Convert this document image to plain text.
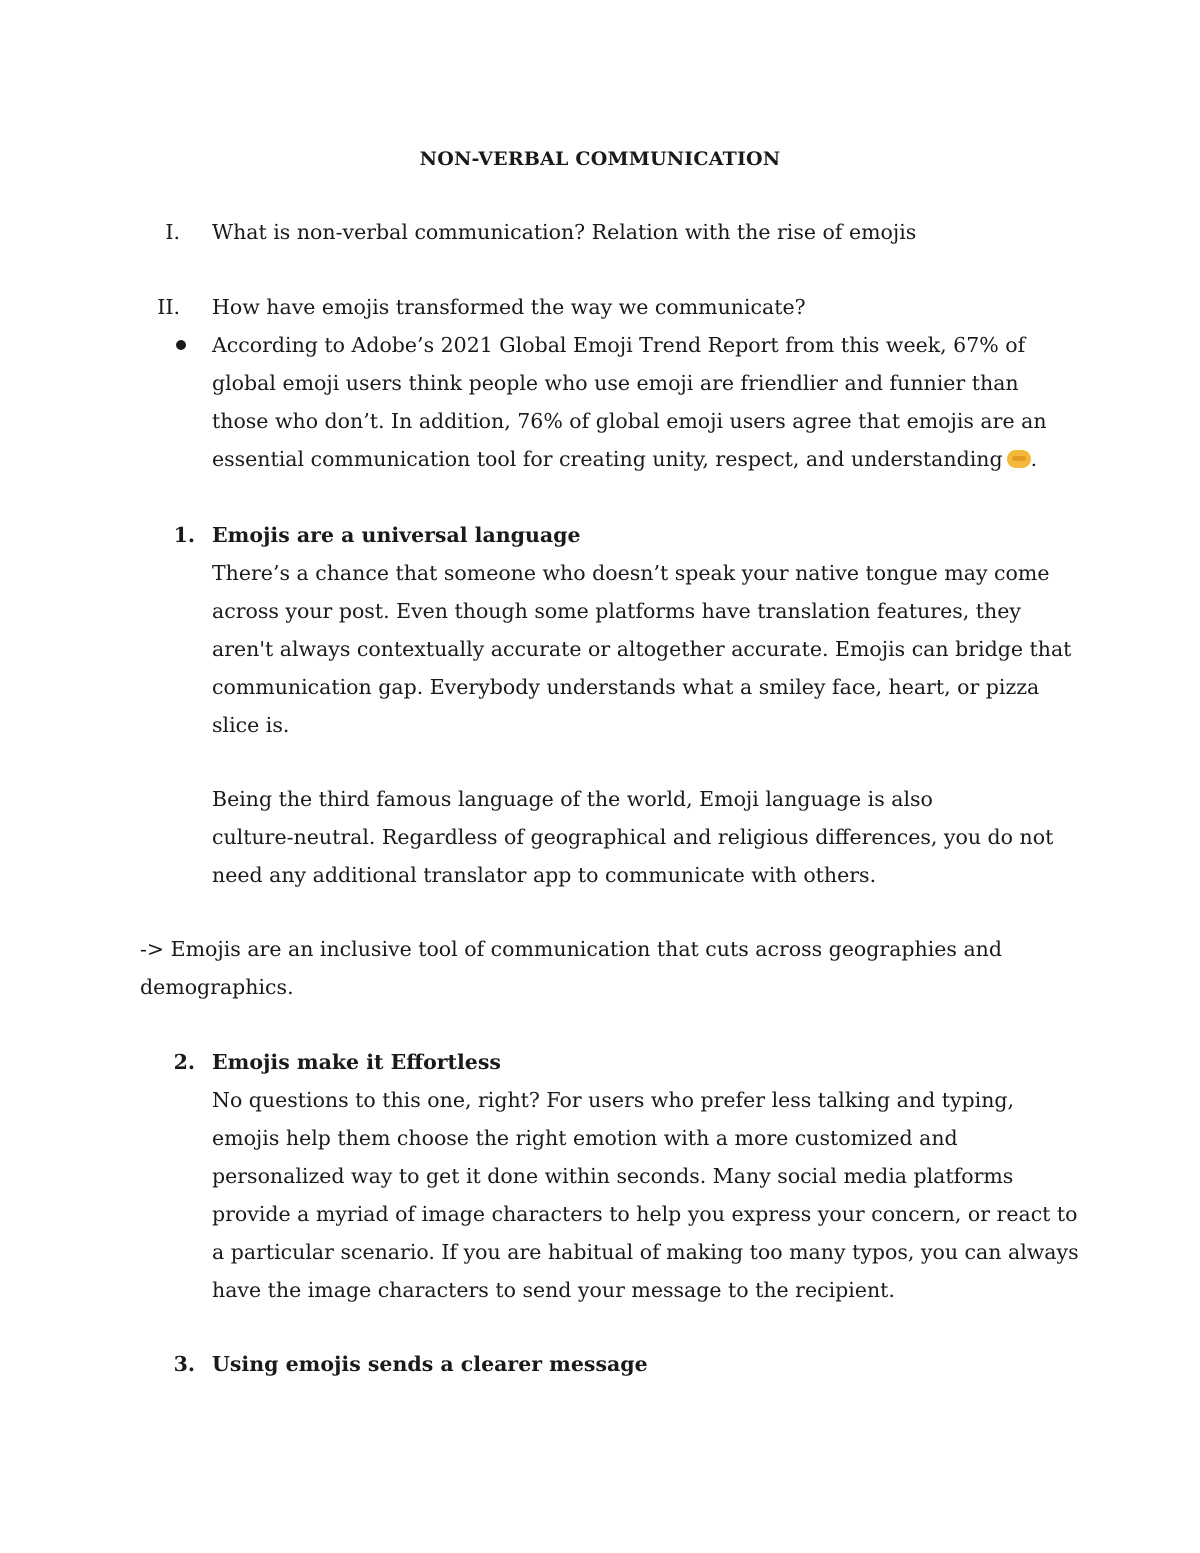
NON-VERBAL COMMUNICATION
I. What is non-verbal communication? Relation with the rise of emojis
II. How have emojis transformed the way we communicate?
According to Adobe’s 2021 Global Emoji Trend Report from this week, 67% of
global emoji users think people who use emoji are friendlier and funnier than
those who don’t. In addition, 76% of global emoji users agree that emojis are an
essential communication tool for creating unity, respect, and understanding .
1. Emojis are a universal language
There’s a chance that someone who doesn’t speak your native tongue may come
across your post. Even though some platforms have translation features, they
aren't always contextually accurate or altogether accurate. Emojis can bridge that
communication gap. Everybody understands what a smiley face, heart, or pizza
slice is.
Being the third famous language of the world, Emoji language is also
culture-neutral. Regardless of geographical and religious differences, you do not
need any additional translator app to communicate with others.
-> Emojis are an inclusive tool of communication that cuts across geographies and
demographics.
2. Emojis make it Effortless
No questions to this one, right? For users who prefer less talking and typing,
emojis help them choose the right emotion with a more customized and
personalized way to get it done within seconds. Many social media platforms
provide a myriad of image characters to help you express your concern, or react to
a particular scenario. If you are habitual of making too many typos, you can always
have the image characters to send your message to the recipient.
3. Using emojis sends a clearer message
